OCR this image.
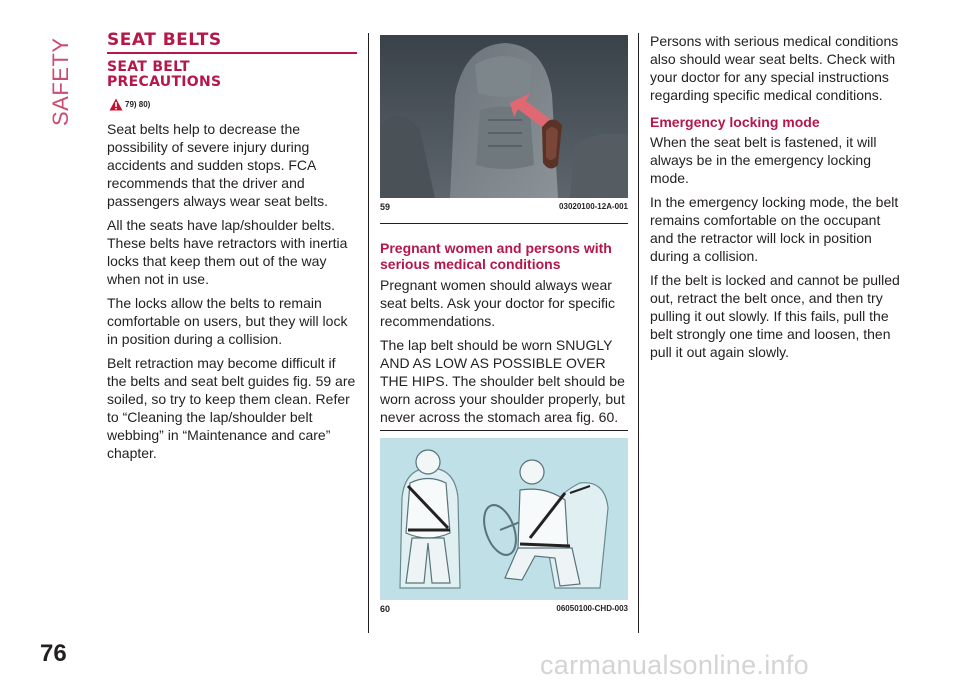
SAFETY SEAT BELTS
SEAT BELT
PRECAUTIONS
79) 80)

Seat belts help to decrease the possibility of severe injury during accidents and sudden stops. FCA recommends that the driver and passengers always wear seat belts.

All the seats have lap/shoulder belts. These belts have retractors with inertia locks that keep them out of the way when not in use.

The locks allow the belts to remain comfortable on users, but they will lock in position during a collision.

Belt retraction may become difficult if the belts and seat belt guides fig. 59 are soiled, so try to keep them clean. Refer to “Cleaning the lap/shoulder belt webbing” in “Maintenance and care” chapter.

59	03020100-12A-001
Pregnant women and persons with serious medical conditions

Pregnant women should always wear seat belts. Ask your doctor for specific recommendations.

The lap belt should be worn SNUGLY AND AS LOW AS POSSIBLE OVER THE HIPS. The shoulder belt should be worn across your shoulder properly, but never across the stomach area fig. 60.

60	06050100-CHD-003

Persons with serious medical conditions also should wear seat belts. Check with your doctor for any special instructions regarding specific medical conditions.

Emergency locking mode

When the seat belt is fastened, it will always be in the emergency locking mode.

In the emergency locking mode, the belt remains comfortable on the occupant and the retractor will lock in position during a collision.

If the belt is locked and cannot be pulled out, retract the belt once, and then try pulling it out slowly. If this fails, pull the belt strongly one time and loosen, then pull it out again slowly.

76	carmanualsonline.info
